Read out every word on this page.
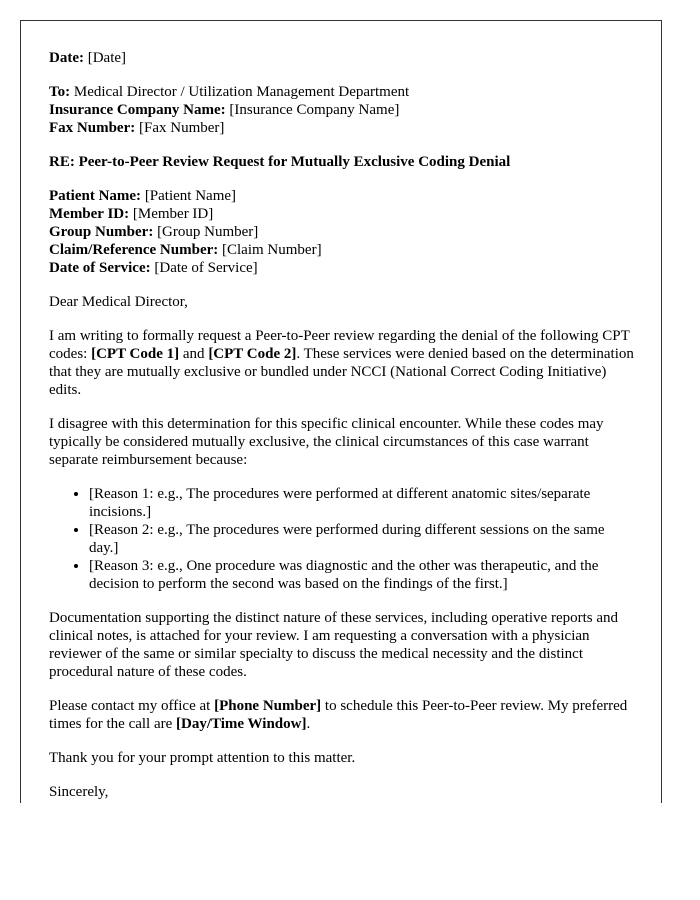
Date: [Date]

To: Medical Director / Utilization Management Department
Insurance Company Name: [Insurance Company Name]
Fax Number: [Fax Number]

RE: Peer-to-Peer Review Request for Mutually Exclusive Coding Denial

Patient Name: [Patient Name]
Member ID: [Member ID]
Group Number: [Group Number]
Claim/Reference Number: [Claim Number]
Date of Service: [Date of Service]

Dear Medical Director,

I am writing to formally request a Peer-to-Peer review regarding the denial of the following CPT codes: [CPT Code 1] and [CPT Code 2]. These services were denied based on the determination that they are mutually exclusive or bundled under NCCI (National Correct Coding Initiative) edits.

I disagree with this determination for this specific clinical encounter. While these codes may typically be considered mutually exclusive, the clinical circumstances of this case warrant separate reimbursement because:

• [Reason 1: e.g., The procedures were performed at different anatomic sites/separate incisions.]
• [Reason 2: e.g., The procedures were performed during different sessions on the same day.]
• [Reason 3: e.g., One procedure was diagnostic and the other was therapeutic, and the decision to perform the second was based on the findings of the first.]

Documentation supporting the distinct nature of these services, including operative reports and clinical notes, is attached for your review. I am requesting a conversation with a physician reviewer of the same or similar specialty to discuss the medical necessity and the distinct procedural nature of these codes.

Please contact my office at [Phone Number] to schedule this Peer-to-Peer review. My preferred times for the call are [Day/Time Window].

Thank you for your prompt attention to this matter.

Sincerely,
